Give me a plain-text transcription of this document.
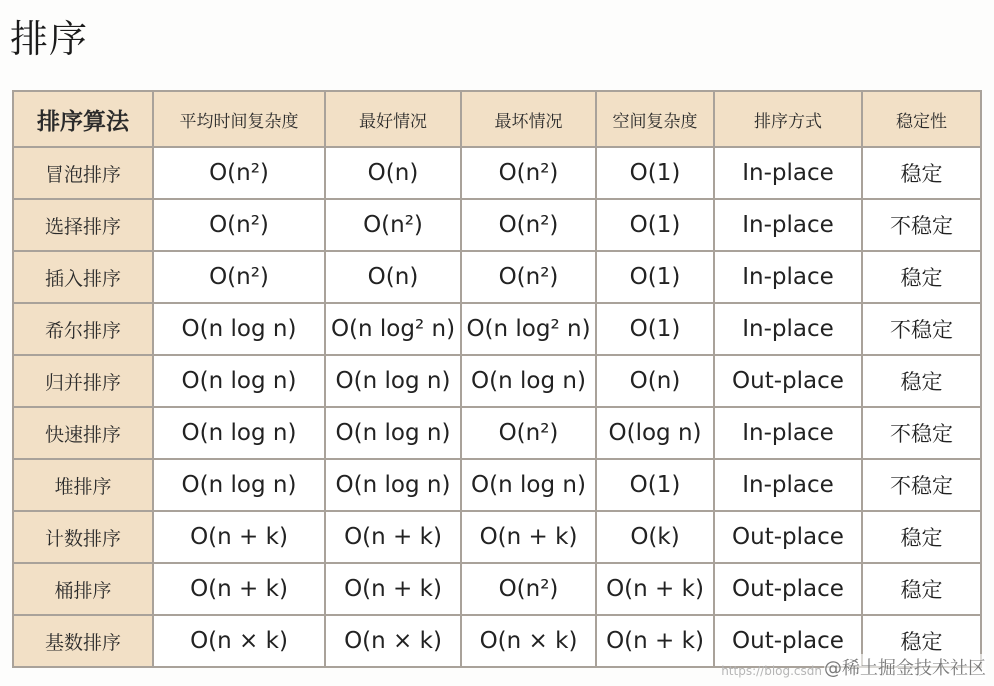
排序
排序算法	平均时间复杂度	最好情况	最坏情况	空间复杂度	排序方式	稳定性
冒泡排序	O(n²)	O(n)	O(n²)	O(1)	In-place	稳定
选择排序	O(n²)	O(n²)	O(n²)	O(1)	In-place	不稳定
插入排序	O(n²)	O(n)	O(n²)	O(1)	In-place	稳定
希尔排序	O(n log n)	O(n log² n)	O(n log² n)	O(1)	In-place	不稳定
归并排序	O(n log n)	O(n log n)	O(n log n)	O(n)	Out-place	稳定
快速排序	O(n log n)	O(n log n)	O(n²)	O(log n)	In-place	不稳定
堆排序	O(n log n)	O(n log n)	O(n log n)	O(1)	In-place	不稳定
计数排序	O(n + k)	O(n + k)	O(n + k)	O(k)	Out-place	稳定
桶排序	O(n + k)	O(n + k)	O(n²)	O(n + k)	Out-place	稳定
基数排序	O(n × k)	O(n × k)	O(n × k)	O(n + k)	Out-place	稳定
https://blog.csdn @稀土掘金技术社区
